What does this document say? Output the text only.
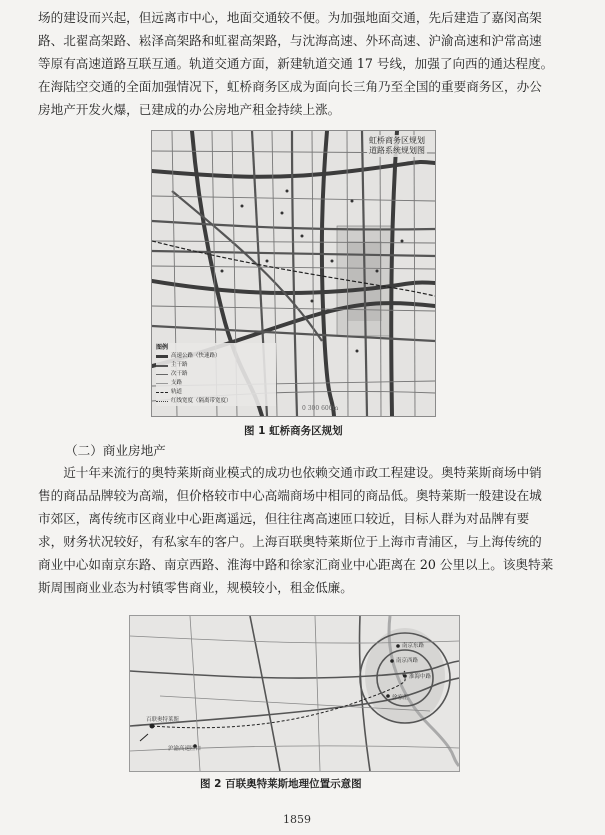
场的建设而兴起，但远离市中心，地面交通较不便。为加强地面交通，先后建造了嘉闵高架
路、北翟高架路、崧泽高架路和虹翟高架路，与沈海高速、外环高速、沪渝高速和沪常高速
等原有高速道路互联互通。轨道交通方面，新建轨道交通 17 号线，加强了向西的通达程度。
在海陆空交通的全面加强情况下，虹桥商务区成为面向长三角乃至全国的重要商务区，办公
房地产开发火爆，已建成的办公房地产租金持续上涨。
虹桥商务区规划
道路系统规划图
图例
高速公路（快速路）
主干路
次干路
支路
轨道
红线宽度（隔离带宽度）
0 300 600m
图 1 虹桥商务区规划
（二）商业房地产
　　近十年来流行的奥特莱斯商业模式的成功也依赖交通市政工程建设。奥特莱斯商场中销
售的商品品牌较为高端，但价格较市中心高端商场中相同的商品低。奥特莱斯一般建设在城
市郊区，离传统市区商业中心距离遥远，但往往离高速匝口较近，目标人群为对品牌有要
求，财务状况较好，有私家车的客户。上海百联奥特莱斯位于上海市青浦区，与上海传统的
商业中心如南京东路、南京西路、淮海中路和徐家汇商业中心距离在 20 公里以上。该奥特莱
斯周围商业业态为村镇零售商业，规模较小，租金低廉。
百联奥特莱斯
沪渝高速匝口
南京东路
南京西路
淮海中路
徐家汇
图 2 百联奥特莱斯地理位置示意图
1859
